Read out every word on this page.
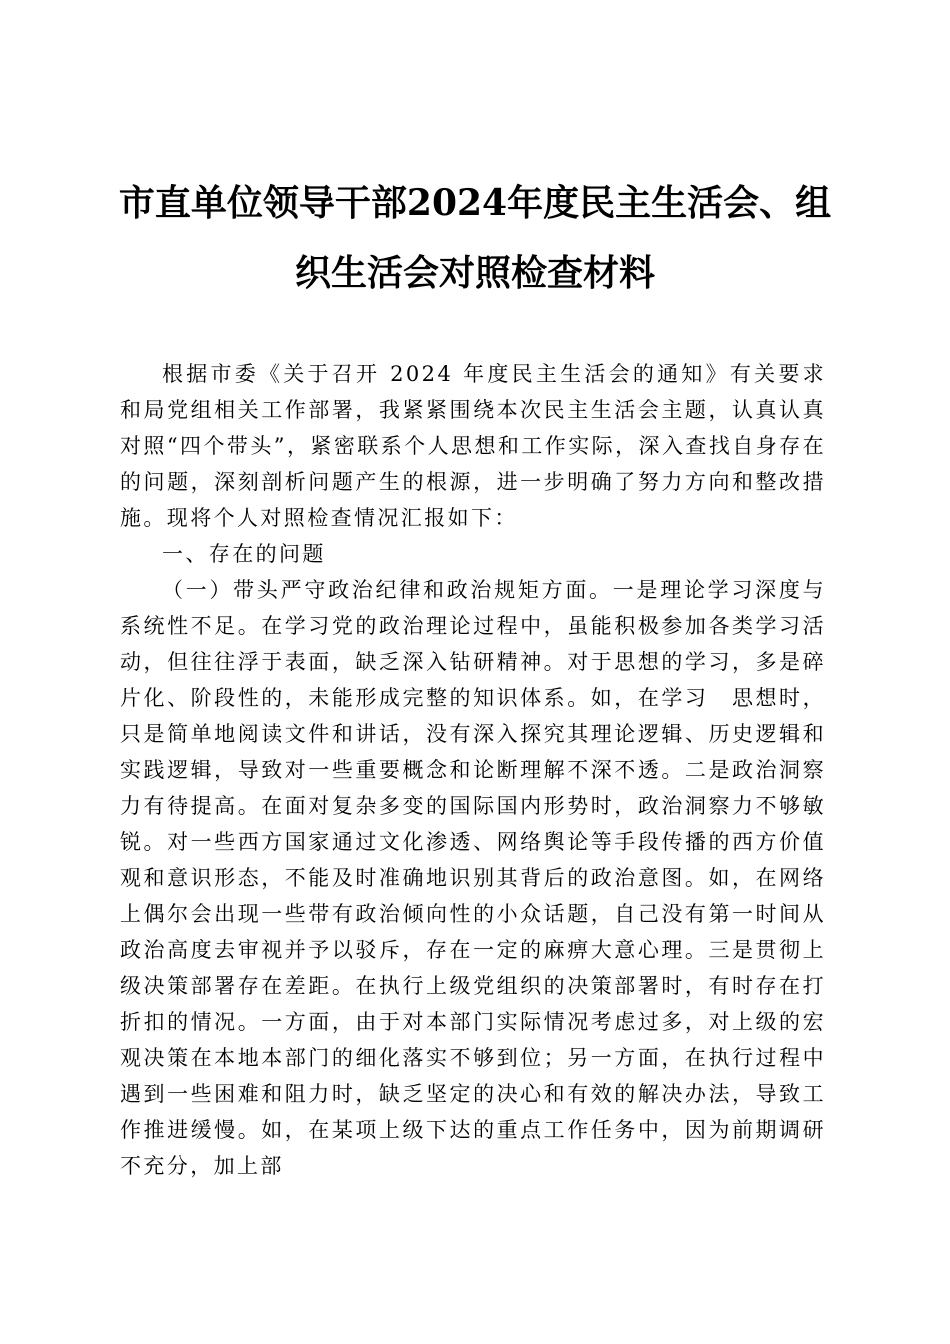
市直单位领导干部2024年度民主生活会、组
织生活会对照检查材料

根据市委《关于召开 2024 年度民主生活会的通知》有关要求和局党组相关工作部署，我紧紧围绕本次民主生活会主题，认真认真对照“四个带头”，紧密联系个人思想和工作实际，深入查找自身存在的问题，深刻剖析问题产生的根源，进一步明确了努力方向和整改措施。现将个人对照检查情况汇报如下：

一、存在的问题

（一）带头严守政治纪律和政治规矩方面。一是理论学习深度与系统性不足。在学习党的政治理论过程中，虽能积极参加各类学习活动，但往往浮于表面，缺乏深入钻研精神。对于思想的学习，多是碎片化、阶段性的，未能形成完整的知识体系。如，在学习　思想时，只是简单地阅读文件和讲话，没有深入探究其理论逻辑、历史逻辑和实践逻辑，导致对一些重要概念和论断理解不深不透。二是政治洞察力有待提高。在面对复杂多变的国际国内形势时，政治洞察力不够敏锐。对一些西方国家通过文化渗透、网络舆论等手段传播的西方价值观和意识形态，不能及时准确地识别其背后的政治意图。如，在网络上偶尔会出现一些带有政治倾向性的小众话题，自己没有第一时间从政治高度去审视并予以驳斥，存在一定的麻痹大意心理。三是贯彻上级决策部署存在差距。在执行上级党组织的决策部署时，有时存在打折扣的情况。一方面，由于对本部门实际情况考虑过多，对上级的宏观决策在本地本部门的细化落实不够到位；另一方面，在执行过程中遇到一些困难和阻力时，缺乏坚定的决心和有效的解决办法，导致工作推进缓慢。如，在某项上级下达的重点工作任务中，因为前期调研不充分，加上部
